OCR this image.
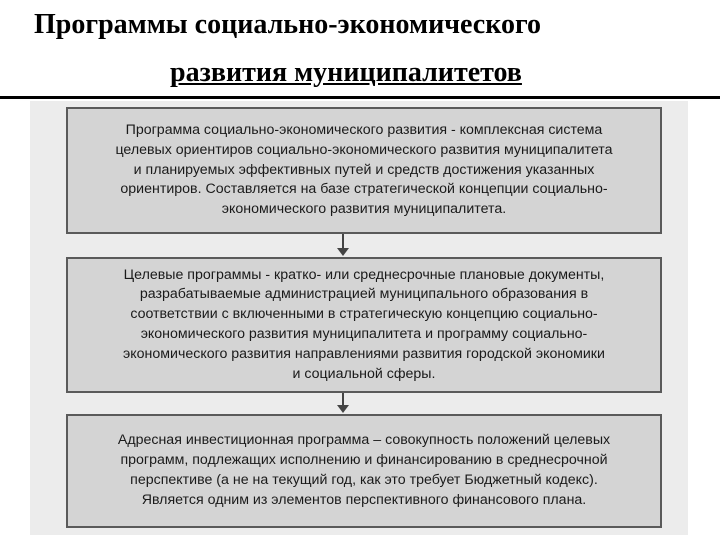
Программы социально-экономического
развития муниципалитетов

Программа социально-экономического развития - комплексная система
целевых ориентиров социально-экономического развития муниципалитета
и планируемых эффективных путей и средств достижения указанных
ориентиров. Составляется на базе стратегической концепции социально-
экономического развития муниципалитета.

Целевые программы - кратко- или среднесрочные плановые документы,
разрабатываемые администрацией муниципального образования в
соответствии с включенными в стратегическую концепцию социально-
экономического развития муниципалитета и программу социально-
экономического развития направлениями развития городской экономики
и социальной сферы.

Адресная инвестиционная программа – совокупность положений целевых
программ, подлежащих исполнению и финансированию в среднесрочной
перспективе (а не на текущий год, как это требует Бюджетный кодекс).
Является одним из элементов перспективного финансового плана.
